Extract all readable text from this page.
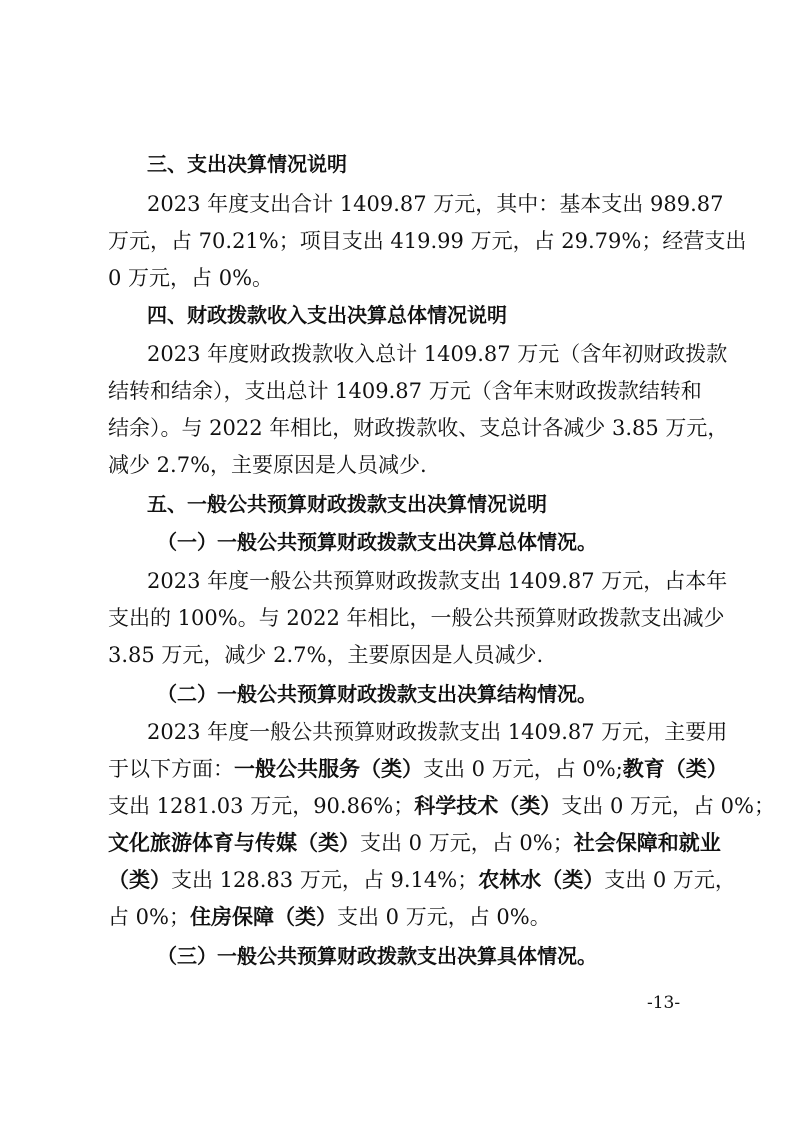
三、支出决算情况说明
2023 年度支出合计 1409.87 万元，其中：基本支出 989.87
万元，占 70.21%；项目支出 419.99 万元，占 29.79%；经营支出
0 万元，占 0%。
四、财政拨款收入支出决算总体情况说明
2023 年度财政拨款收入总计 1409.87 万元（含年初财政拨款
结转和结余），支出总计 1409.87 万元（含年末财政拨款结转和
结余）。与 2022 年相比，财政拨款收、支总计各减少 3.85 万元，
减少 2.7%，主要原因是人员减少.
五、一般公共预算财政拨款支出决算情况说明
（一）一般公共预算财政拨款支出决算总体情况。
2023 年度一般公共预算财政拨款支出 1409.87 万元，占本年
支出的 100%。与 2022 年相比，一般公共预算财政拨款支出减少
3.85 万元，减少 2.7%，主要原因是人员减少.
（二）一般公共预算财政拨款支出决算结构情况。
2023 年度一般公共预算财政拨款支出 1409.87 万元，主要用
于以下方面：一般公共服务（类）支出 0 万元，占 0%;教育（类）
支出 1281.03 万元，90.86%；科学技术（类）支出 0 万元，占 0%；
文化旅游体育与传媒（类）支出 0 万元，占 0%；社会保障和就业
（类）支出 128.83 万元，占 9.14%；农林水（类）支出 0 万元，
占 0%；住房保障（类）支出 0 万元，占 0%。
（三）一般公共预算财政拨款支出决算具体情况。
-13-
